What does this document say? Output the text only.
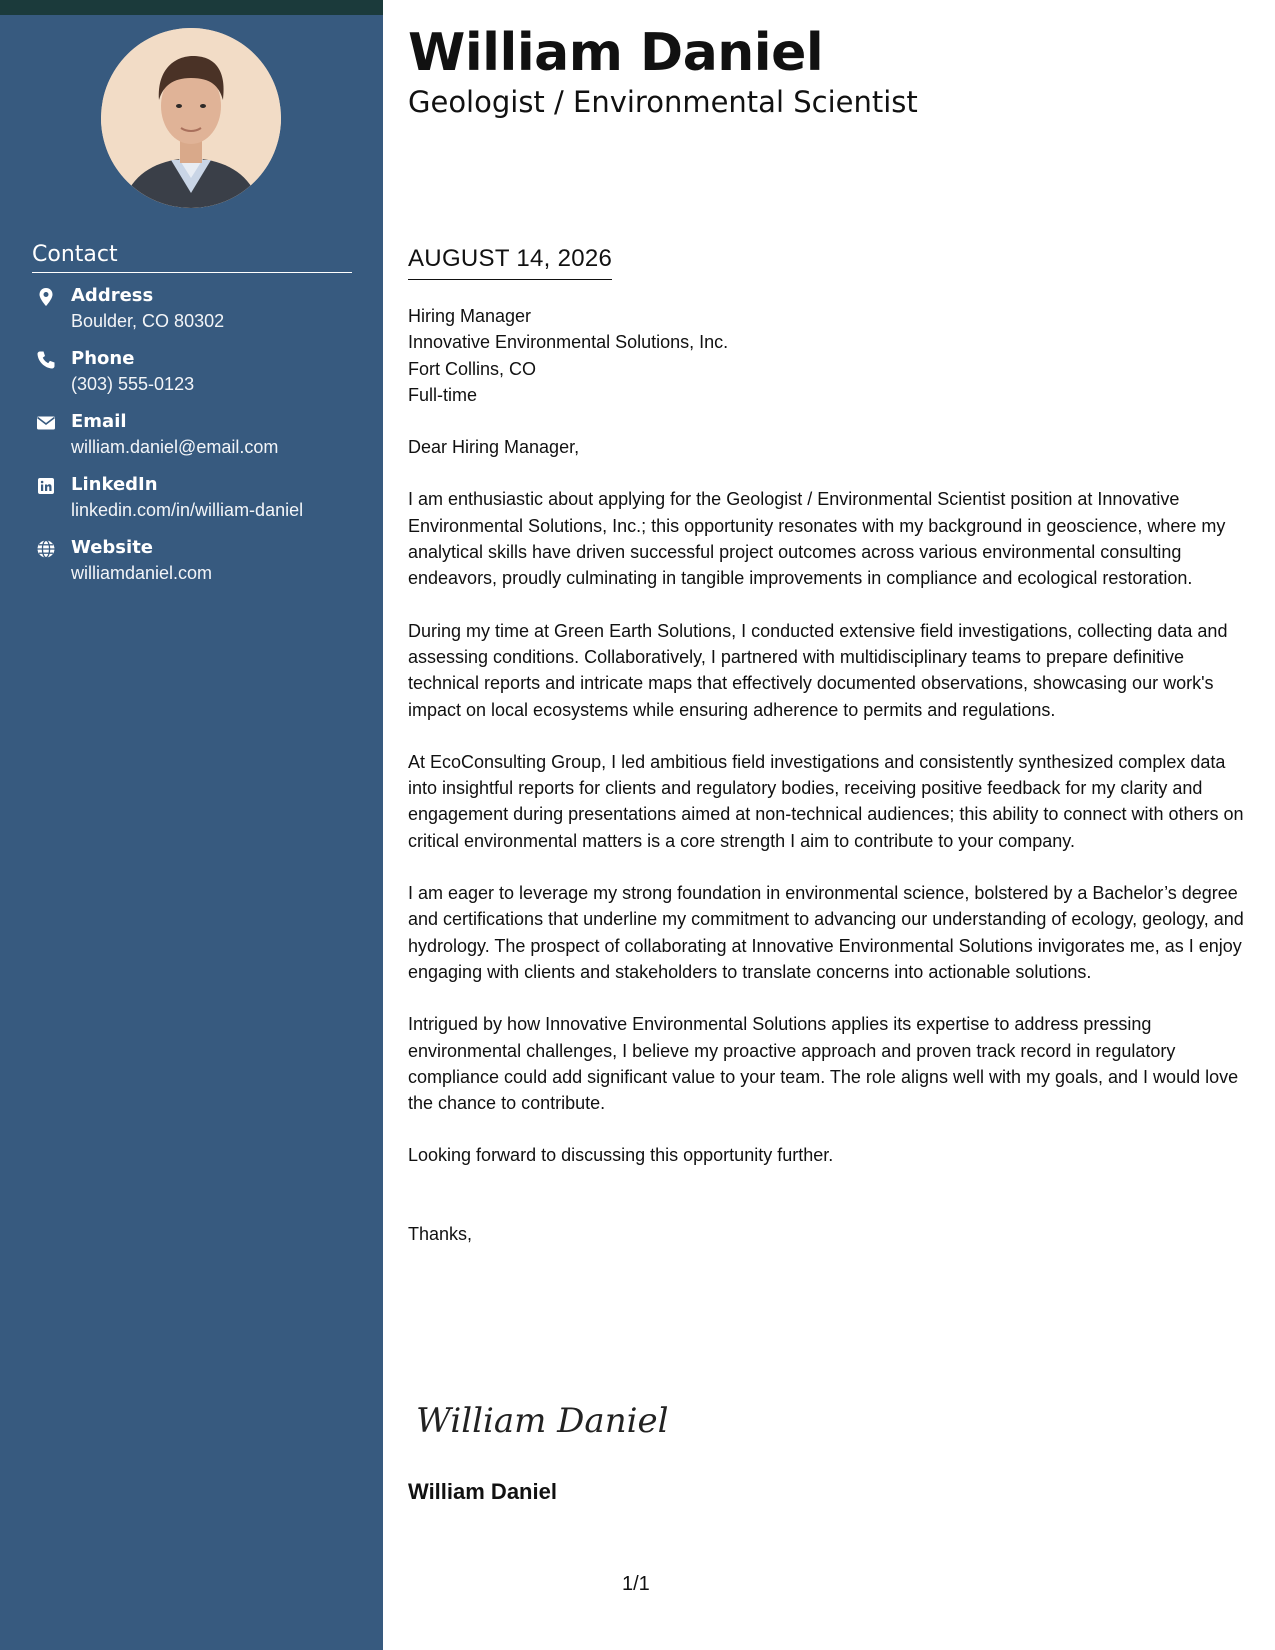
Contact
Address
Boulder, CO 80302
Phone
(303) 555-0123
Email
william.daniel@email.com
LinkedIn
linkedin.com/in/william-daniel
Website
williamdaniel.com
William Daniel
Geologist / Environmental Scientist
AUGUST 14, 2026
Hiring Manager
Innovative Environmental Solutions, Inc.
Fort Collins, CO
Full-time

Dear Hiring Manager,

I am enthusiastic about applying for the Geologist / Environmental Scientist position at Innovative Environmental Solutions, Inc.; this opportunity resonates with my background in geoscience, where my analytical skills have driven successful project outcomes across various environmental consulting endeavors, proudly culminating in tangible improvements in compliance and ecological restoration.

During my time at Green Earth Solutions, I conducted extensive field investigations, collecting data and assessing conditions. Collaboratively, I partnered with multidisciplinary teams to prepare definitive technical reports and intricate maps that effectively documented observations, showcasing our work's impact on local ecosystems while ensuring adherence to permits and regulations.

At EcoConsulting Group, I led ambitious field investigations and consistently synthesized complex data into insightful reports for clients and regulatory bodies, receiving positive feedback for my clarity and engagement during presentations aimed at non-technical audiences; this ability to connect with others on critical environmental matters is a core strength I aim to contribute to your company.

I am eager to leverage my strong foundation in environmental science, bolstered by a Bachelor’s degree and certifications that underline my commitment to advancing our understanding of ecology, geology, and hydrology. The prospect of collaborating at Innovative Environmental Solutions invigorates me, as I enjoy engaging with clients and stakeholders to translate concerns into actionable solutions.

Intrigued by how Innovative Environmental Solutions applies its expertise to address pressing environmental challenges, I believe my proactive approach and proven track record in regulatory compliance could add significant value to your team. The role aligns well with my goals, and I would love the chance to contribute.

Looking forward to discussing this opportunity further.

Thanks,

William Daniel
William Daniel
1/1
